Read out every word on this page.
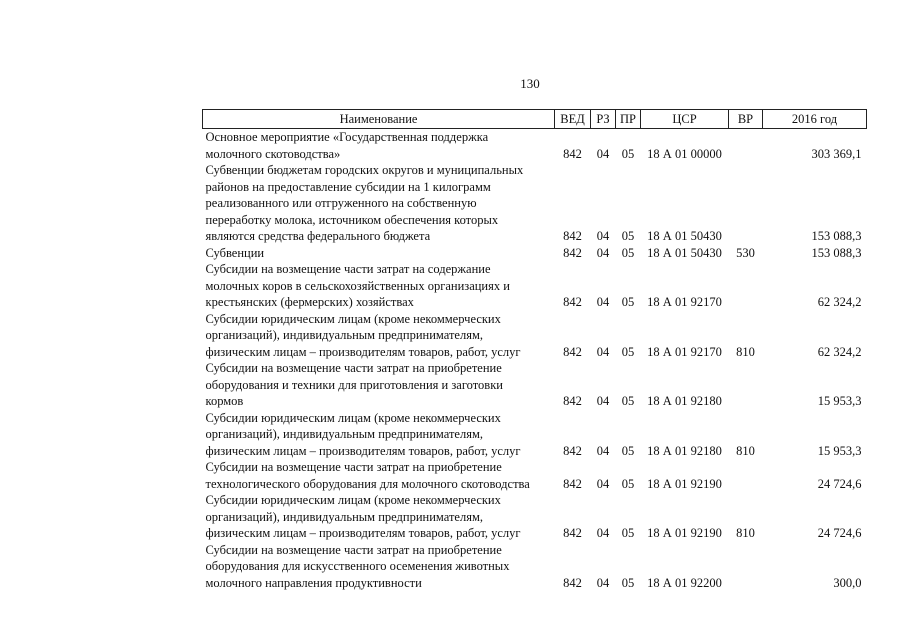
130
Наименование	ВЕД	РЗ	ПР	ЦСР	ВР	2016 год

Основное мероприятие «Государственная поддержка
молочного скотоводства»	842	04	05	18 А 01 00000		303 369,1

Субвенции бюджетам городских округов и муниципальных
районов на предоставление субсидии на 1 килограмм
реализованного или отгруженного на собственную
переработку молока, источником обеспечения которых
являются средства федерального бюджета	842	04	05	18 А 01 50430		153 088,3

Субвенции	842	04	05	18 А 01 50430	530	153 088,3

Субсидии на возмещение части затрат на содержание
молочных коров в сельскохозяйственных организациях и
крестьянских (фермерских) хозяйствах	842	04	05	18 А 01 92170		62 324,2

Субсидии юридическим лицам (кроме некоммерческих
организаций), индивидуальным предпринимателям,
физическим лицам – производителям товаров, работ, услуг	842	04	05	18 А 01 92170	810	62 324,2

Субсидии на возмещение части затрат на приобретение
оборудования и техники для приготовления и заготовки
кормов	842	04	05	18 А 01 92180		15 953,3

Субсидии юридическим лицам (кроме некоммерческих
организаций), индивидуальным предпринимателям,
физическим лицам – производителям товаров, работ, услуг	842	04	05	18 А 01 92180	810	15 953,3

Субсидии на возмещение части затрат на приобретение
технологического оборудования для молочного скотоводства	842	04	05	18 А 01 92190		24 724,6

Субсидии юридическим лицам (кроме некоммерческих
организаций), индивидуальным предпринимателям,
физическим лицам – производителям товаров, работ, услуг	842	04	05	18 А 01 92190	810	24 724,6

Субсидии на возмещение части затрат на приобретение
оборудования для искусственного осеменения животных
молочного направления продуктивности	842	04	05	18 А 01 92200		300,0
